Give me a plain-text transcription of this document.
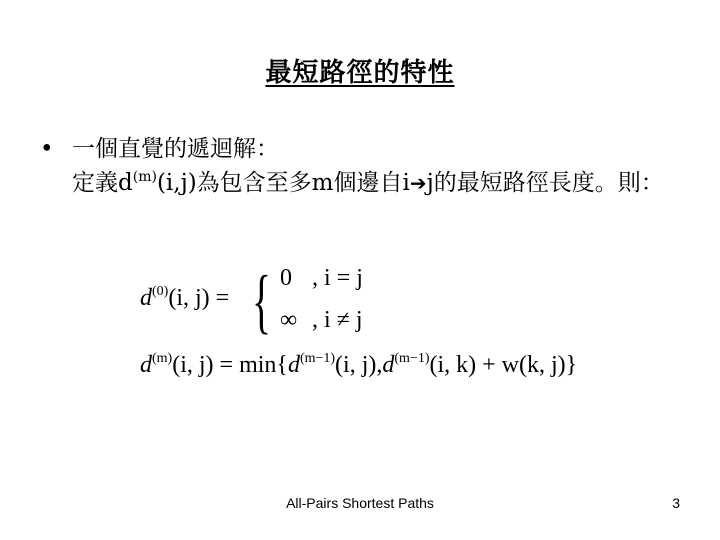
最短路徑的特性
• 一個直覺的遞迴解：
定義$d^{(m)}(i,j)$為包含至多m個邊自i➔j的最短路徑長度。則：
$d^{(0)}(i$, j) = { 0 , i = j
∞ , i ≠ j
$d^{(m)}(i$, $j) = \min\{d^{(m-1)}(i$, $j),d^{(m-1)}(i$, k) + w(k, j)}
All-Pairs Shortest Paths	3
